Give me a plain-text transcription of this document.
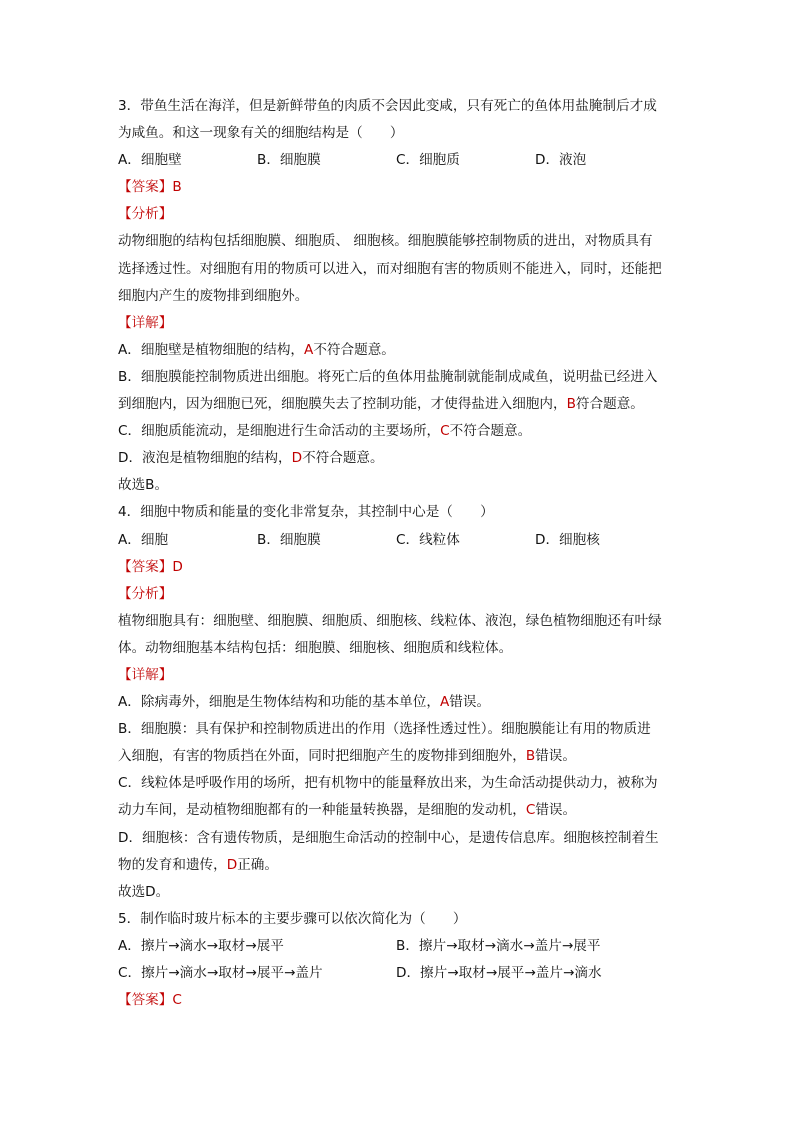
3．带鱼生活在海洋，但是新鲜带鱼的肉质不会因此变咸，只有死亡的鱼体用盐腌制后才成
为咸鱼。和这一现象有关的细胞结构是（　　）
A．细胞壁	B．细胞膜	C．细胞质	D．液泡
【答案】B
【分析】
动物细胞的结构包括细胞膜、细胞质、 细胞核。细胞膜能够控制物质的进出，对物质具有
选择透过性。对细胞有用的物质可以进入，而对细胞有害的物质则不能进入，同时，还能把
细胞内产生的废物排到细胞外。
【详解】
A．细胞壁是植物细胞的结构，A不符合题意。
B．细胞膜能控制物质进出细胞。将死亡后的鱼体用盐腌制就能制成咸鱼，说明盐已经进入
到细胞内，因为细胞已死，细胞膜失去了控制功能，才使得盐进入细胞内，B符合题意。
C．细胞质能流动，是细胞进行生命活动的主要场所，C不符合题意。
D．液泡是植物细胞的结构，D不符合题意。
故选B。
4．细胞中物质和能量的变化非常复杂，其控制中心是（　　）
A．细胞	B．细胞膜	C．线粒体	D．细胞核
【答案】D
【分析】
植物细胞具有：细胞壁、细胞膜、细胞质、细胞核、线粒体、液泡，绿色植物细胞还有叶绿
体。动物细胞基本结构包括：细胞膜、细胞核、细胞质和线粒体。
【详解】
A．除病毒外，细胞是生物体结构和功能的基本单位，A错误。
B．细胞膜：具有保护和控制物质进出的作用（选择性透过性）。细胞膜能让有用的物质进
入细胞，有害的物质挡在外面，同时把细胞产生的废物排到细胞外，B错误。
C．线粒体是呼吸作用的场所，把有机物中的能量释放出来，为生命活动提供动力，被称为
动力车间，是动植物细胞都有的一种能量转换器，是细胞的发动机，C错误。
D．细胞核：含有遗传物质，是细胞生命活动的控制中心，是遗传信息库。细胞核控制着生
物的发育和遗传，D正确。
故选D。
5．制作临时玻片标本的主要步骤可以依次简化为（　　）
A．擦片→滴水→取材→展平	B．擦片→取材→滴水→盖片→展平
C．擦片→滴水→取材→展平→盖片	D．擦片→取材→展平→盖片→滴水
【答案】C
